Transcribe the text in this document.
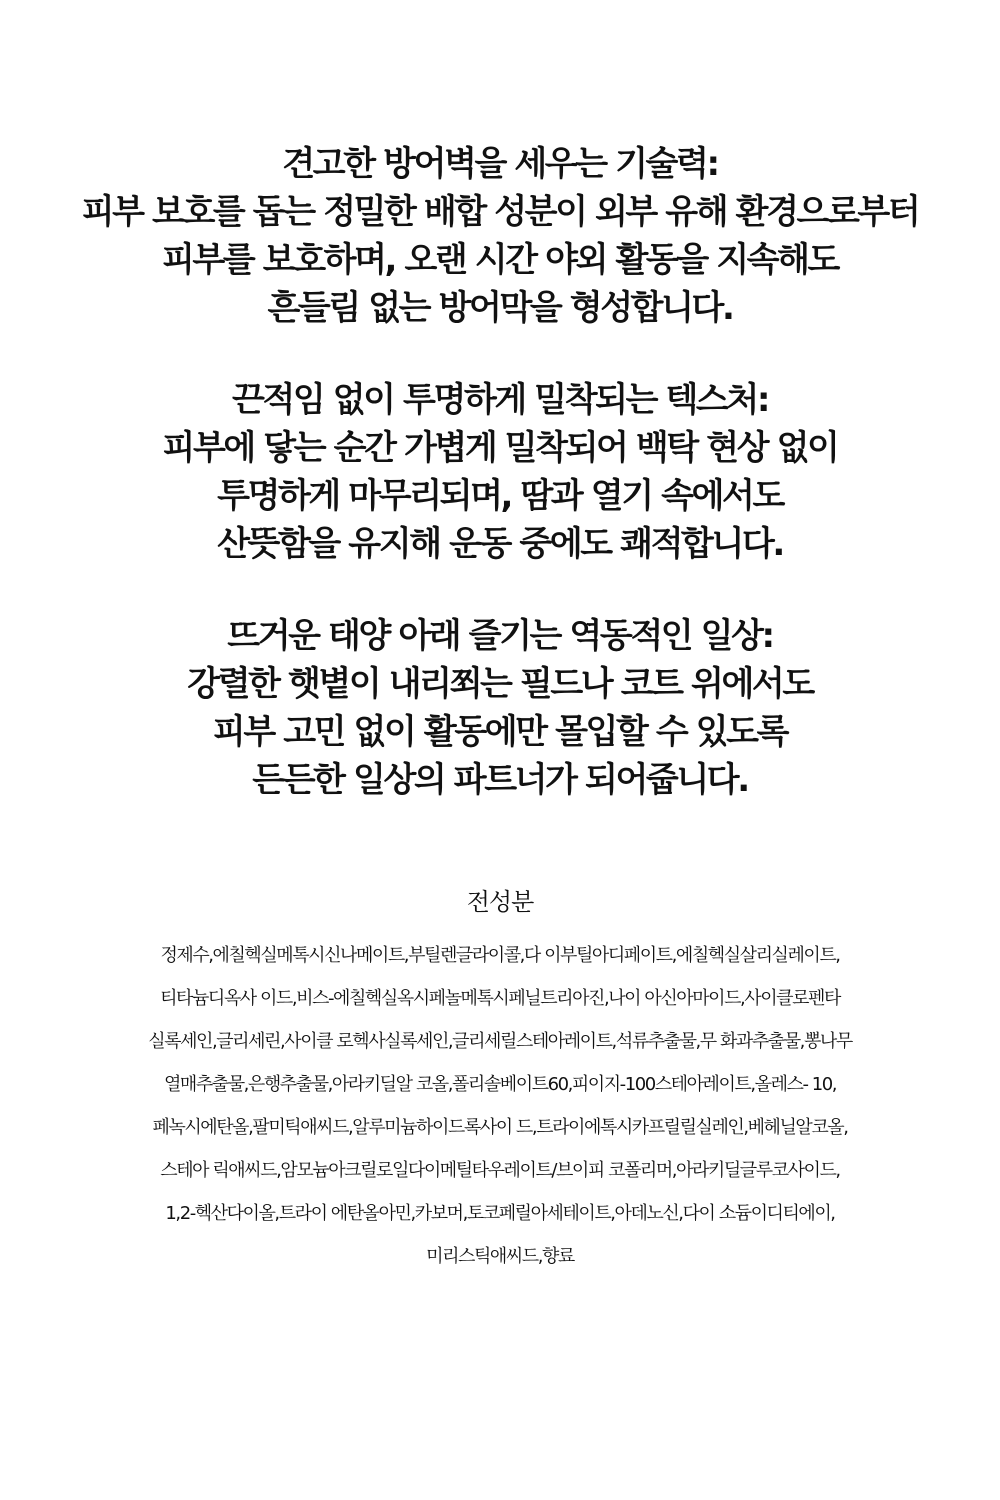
견고한 방어벽을 세우는 기술력:
피부 보호를 돕는 정밀한 배합 성분이 외부 유해 환경으로부터
피부를 보호하며, 오랜 시간 야외 활동을 지속해도
흔들림 없는 방어막을 형성합니다.
끈적임 없이 투명하게 밀착되는 텍스처:
피부에 닿는 순간 가볍게 밀착되어 백탁 현상 없이
투명하게 마무리되며, 땀과 열기 속에서도
산뜻함을 유지해 운동 중에도 쾌적합니다.
뜨거운 태양 아래 즐기는 역동적인 일상:
강렬한 햇볕이 내리쬐는 필드나 코트 위에서도
피부 고민 없이 활동에만 몰입할 수 있도록
든든한 일상의 파트너가 되어줍니다.
전성분
정제수,에칠헥실메톡시신나메이트,부틸렌글라이콜,다 이부틸아디페이트,에칠헥실살리실레이트,
티타늄디옥사 이드,비스-에칠헥실옥시페놀메톡시페닐트리아진,나이 아신아마이드,사이클로펜타
실록세인,글리세린,사이클 로헥사실록세인,글리세릴스테아레이트,석류추출물,무 화과추출물,뽕나무
열매추출물,은행추출물,아라키딜알 코올,폴리솔베이트60,피이지-100스테아레이트,올레스- 10,
페녹시에탄올,팔미틱애씨드,알루미늄하이드록사이 드,트라이에톡시카프릴릴실레인,베헤닐알코올,
스테아 릭애씨드,암모늄아크릴로일다이메틸타우레이트/브이피 코폴리머,아라키딜글루코사이드,
1,2-헥산다이올,트라이 에탄올아민,카보머,토코페릴아세테이트,아데노신,다이 소듐이디티에이,
미리스틱애씨드,향료
